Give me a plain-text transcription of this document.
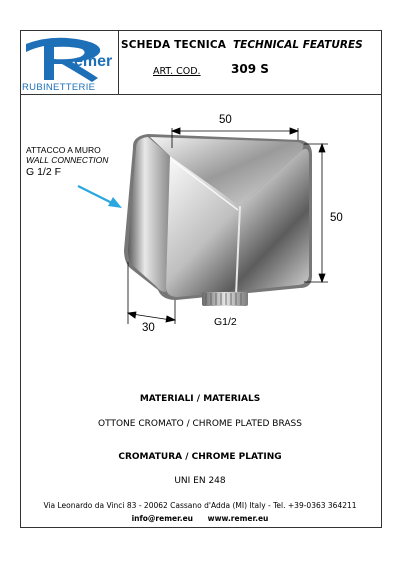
emer
RUBINETTERIE
SCHEDA TECNICA TECHNICAL FEATURES
ART. COD.	309 S
ATTACCO A MURO
WALL CONNECTION
G 1/2 F
50
50
30	G1/2
MATERIALI / MATERIALS
OTTONE CROMATO / CHROME PLATED BRASS
CROMATURA / CHROME PLATING
UNI EN 248
Via Leonardo da Vinci 83 - 20062 Cassano d'Adda (MI) Italy - Tel. +39-0363 364211
info@remer.eu www.remer.eu
